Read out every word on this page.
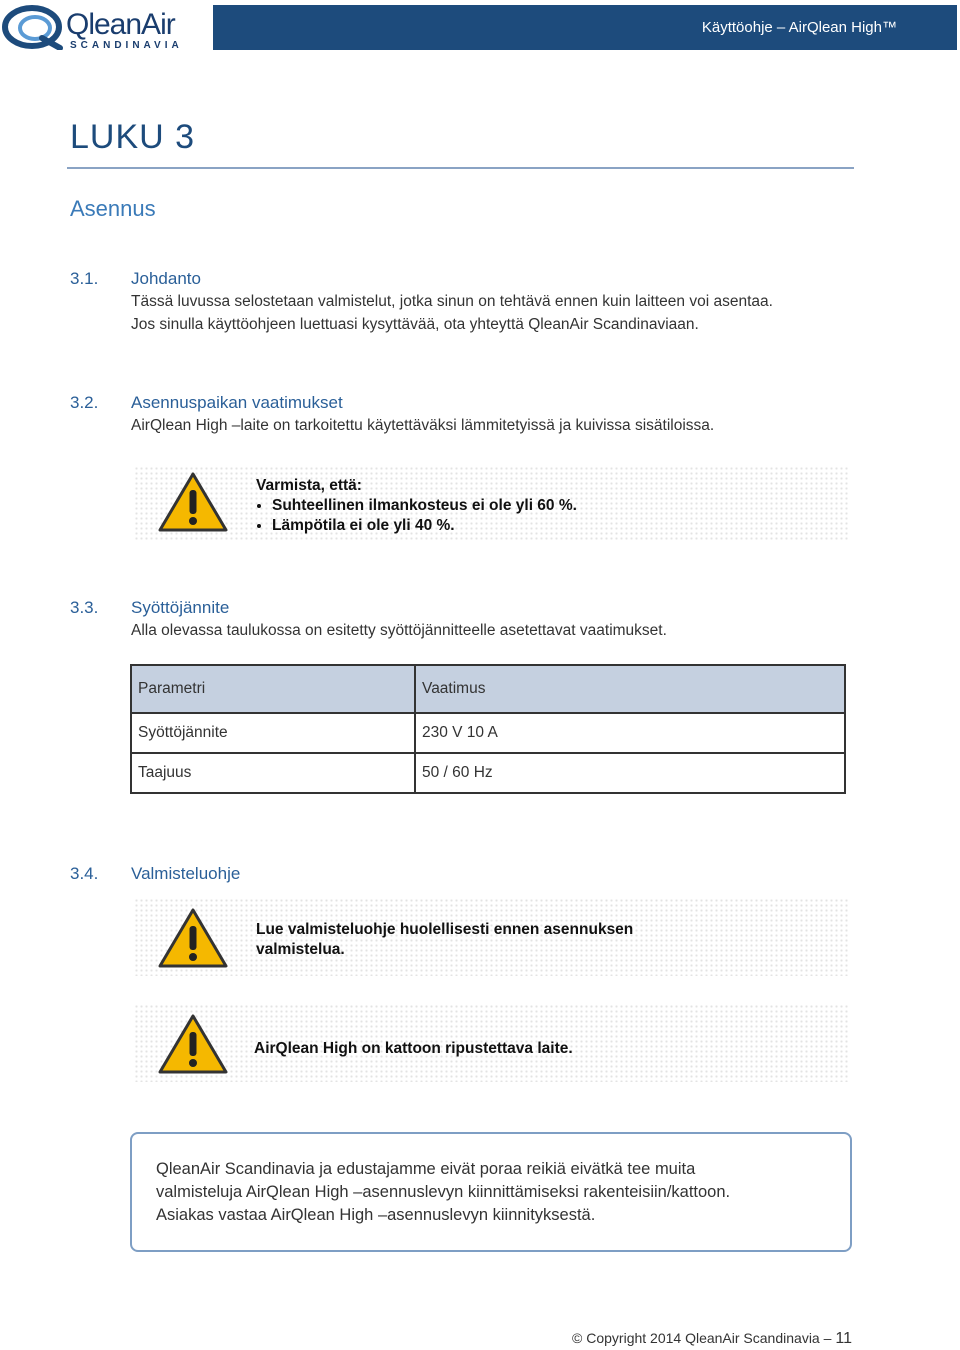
QleanAir
SCANDINAVIA
Käyttöohje – AirQlean High™
LUKU 3
Asennus
3.1. Johdanto
Tässä luvussa selostetaan valmistelut, jotka sinun on tehtävä ennen kuin laitteen voi asentaa.
Jos sinulla käyttöohjeen luettuasi kysyttävää, ota yhteyttä QleanAir Scandinaviaan.
3.2. Asennuspaikan vaatimukset
AirQlean High –laite on tarkoitettu käytettäväksi lämmitetyissä ja kuivissa sisätiloissa.
Varmista, että:
• Suhteellinen ilmankosteus ei ole yli 60 %.
• Lämpötila ei ole yli 40 %.
3.3. Syöttöjännite
Alla olevassa taulukossa on esitetty syöttöjännitteelle asetettavat vaatimukset.
Parametri	Vaatimus
Syöttöjännite	230 V 10 A
Taajuus	50 / 60 Hz
3.4. Valmisteluohje
Lue valmisteluohje huolellisesti ennen asennuksen
valmistelua.
AirQlean High on kattoon ripustettava laite.
QleanAir Scandinavia ja edustajamme eivät poraa reikiä eivätkä tee muita
valmisteluja AirQlean High –asennuslevyn kiinnittämiseksi rakenteisiin/kattoon.
Asiakas vastaa AirQlean High –asennuslevyn kiinnityksestä.
© Copyright 2014 QleanAir Scandinavia – 11
